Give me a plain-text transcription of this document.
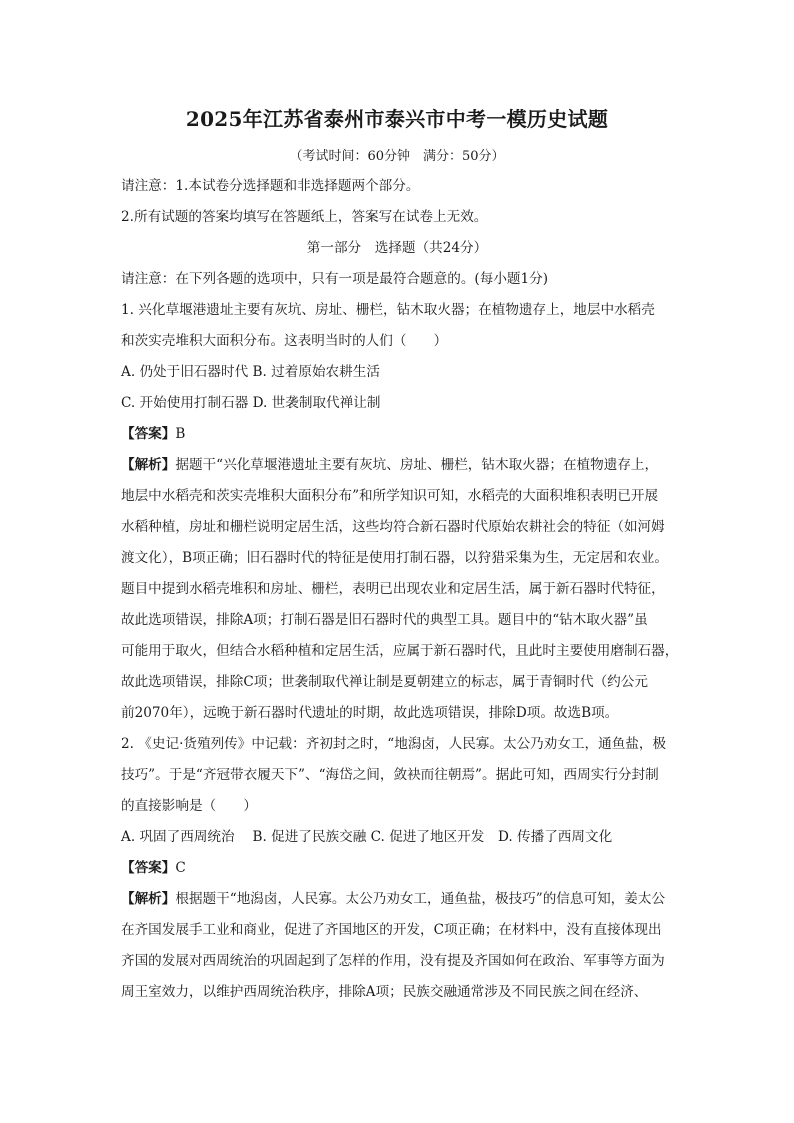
2025年江苏省泰州市泰兴市中考一模历史试题
（考试时间：60分钟　满分：50分）
请注意：1.本试卷分选择题和非选择题两个部分。
2.所有试题的答案均填写在答题纸上，答案写在试卷上无效。
第一部分　选择题（共24分）
请注意：在下列各题的选项中，只有一项是最符合题意的。(每小题1分)
1. 兴化草堰港遗址主要有灰坑、房址、栅栏，钻木取火器；在植物遗存上，地层中水稻壳
和茨实壳堆积大面积分布。这表明当时的人们（　　）
A. 仍处于旧石器时代 B. 过着原始农耕生活
C. 开始使用打制石器 D. 世袭制取代禅让制
【答案】B
【解析】据题干“兴化草堰港遗址主要有灰坑、房址、栅栏，钻木取火器；在植物遗存上，
地层中水稻壳和茨实壳堆积大面积分布”和所学知识可知，水稻壳的大面积堆积表明已开展
水稻种植，房址和栅栏说明定居生活，这些均符合新石器时代原始农耕社会的特征（如河姆
渡文化），B项正确；旧石器时代的特征是使用打制石器，以狩猎采集为生，无定居和农业。
题目中提到水稻壳堆积和房址、栅栏，表明已出现农业和定居生活，属于新石器时代特征，
故此选项错误，排除A项；打制石器是旧石器时代的典型工具。题目中的“钻木取火器”虽
可能用于取火，但结合水稻种植和定居生活，应属于新石器时代，且此时主要使用磨制石器，
故此选项错误，排除C项；世袭制取代禅让制是夏朝建立的标志，属于青铜时代（约公元
前2070年），远晚于新石器时代遗址的时期，故此选项错误，排除D项。故选B项。
2. 《史记·货殖列传》中记载：齐初封之时，“地潟卤，人民寡。太公乃劝女工，通鱼盐，极
技巧”。于是“齐冠带衣履天下”、“海岱之间，敛袂而往朝焉”。据此可知，西周实行分封制
的直接影响是（　　）
A. 巩固了西周统治　 B. 促进了民族交融 C. 促进了地区开发　D. 传播了西周文化
【答案】C
【解析】根据题干“地潟卤，人民寡。太公乃劝女工，通鱼盐，极技巧”的信息可知，姜太公
在齐国发展手工业和商业，促进了齐国地区的开发，C项正确；在材料中，没有直接体现出
齐国的发展对西周统治的巩固起到了怎样的作用，没有提及齐国如何在政治、军事等方面为
周王室效力，以维护西周统治秩序，排除A项；民族交融通常涉及不同民族之间在经济、
